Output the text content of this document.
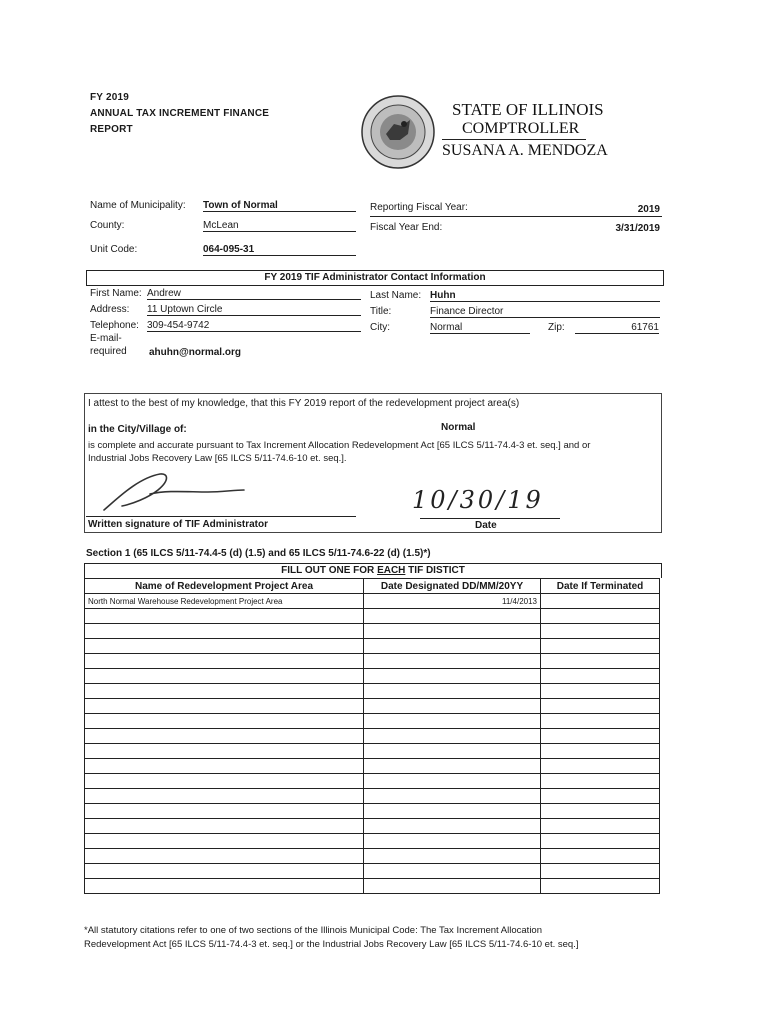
FY 2019
ANNUAL TAX INCREMENT FINANCE
REPORT
STATE OF ILLINOIS
COMPTROLLER
SUSANA A. MENDOZA
Name of Municipality: Town of Normal
County:	McLean
Unit Code:	064-095-31
Reporting Fiscal Year:	2019
Fiscal Year End:	3/31/2019
FY 2019 TIF Administrator Contact Information
First Name: Andrew
Address: 11 Uptown Circle
Telephone: 309-454-9742
E-mail-
required ahuhn@normal.org
Last Name: Huhn
Title:	Finance Director
City:	Normal	Zip:	61761
I attest to the best of my knowledge, that this FY 2019 report of the redevelopment project area(s)
in the City/Village of:	Normal
is complete and accurate pursuant to Tax Increment Allocation Redevelopment Act [65 ILCS 5/11-74.4-3 et. seq.] and or
Industrial Jobs Recovery Law [65 ILCS 5/11-74.6-10 et. seq.].
Written signature of TIF Administrator
10/30/19
Date
Section 1 (65 ILCS 5/11-74.4-5 (d) (1.5) and 65 ILCS 5/11-74.6-22 (d) (1.5)*)
FILL OUT ONE FOR EACH TIF DISTICT
Name of Redevelopment Project Area	Date Designated DD/MM/20YY	Date If Terminated
North Normal Warehouse Redevelopment Project Area	11/4/2013	

*All statutory citations refer to one of two sections of the Illinois Municipal Code: The Tax Increment Allocation
Redevelopment Act [65 ILCS 5/11-74.4-3 et. seq.] or the Industrial Jobs Recovery Law [65 ILCS 5/11-74.6-10 et. seq.]
